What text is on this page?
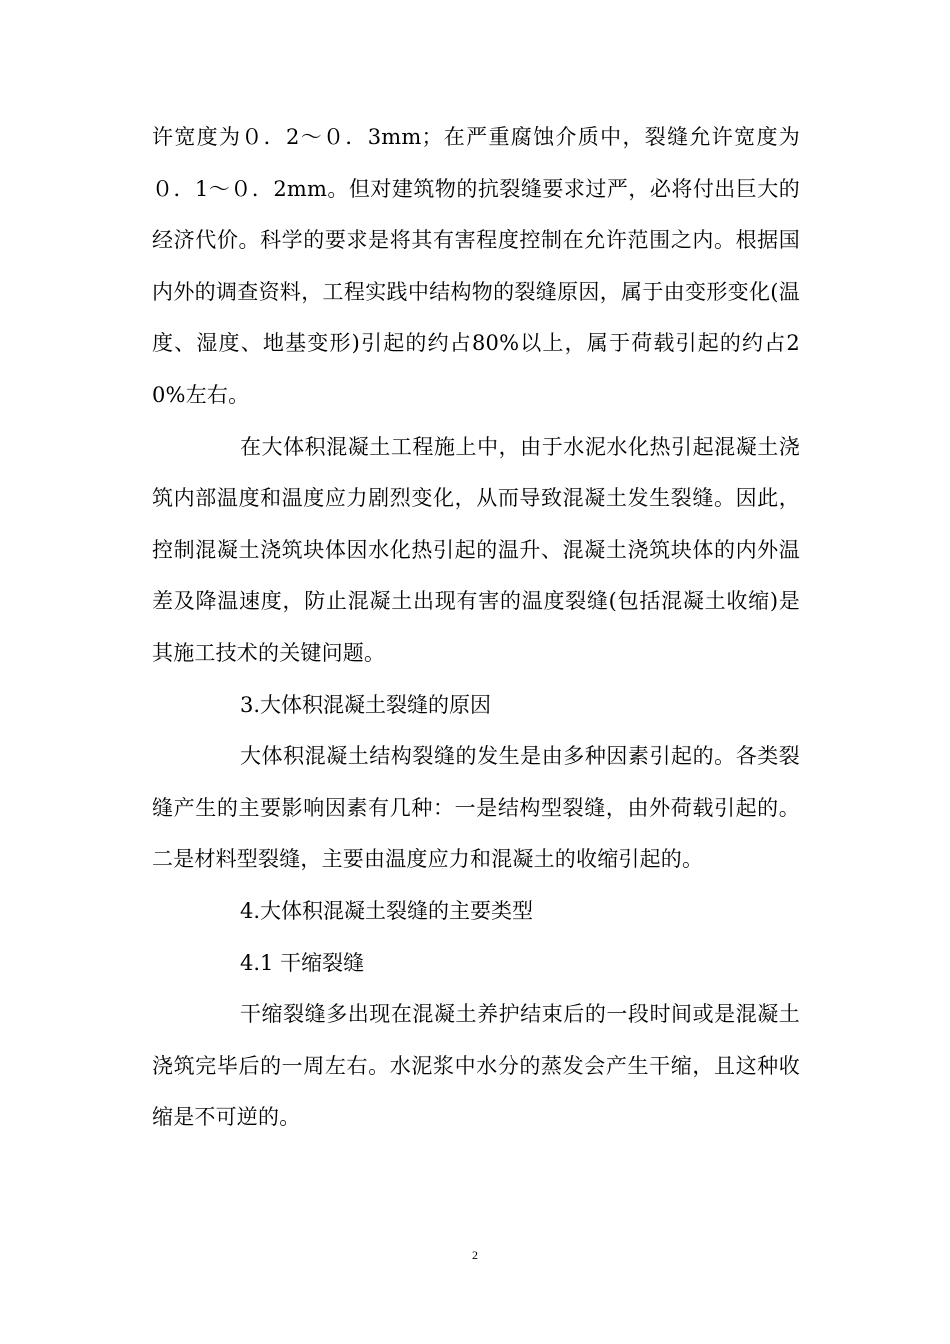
许宽度为０．2～０．3mm；在严重腐蚀介质中，裂缝允许宽度为０．1～０．2mm。但对建筑物的抗裂缝要求过严，必将付出巨大的经济代价。科学的要求是将其有害程度控制在允许范围之内。根据国内外的调查资料，工程实践中结构物的裂缝原因，属于由变形变化(温度、湿度、地基变形)引起的约占80%以上，属于荷载引起的约占20%左右。

在大体积混凝土工程施上中，由于水泥水化热引起混凝土浇筑内部温度和温度应力剧烈变化，从而导致混凝土发生裂缝。因此，控制混凝土浇筑块体因水化热引起的温升、混凝土浇筑块体的内外温差及降温速度，防止混凝土出现有害的温度裂缝(包括混凝土收缩)是其施工技术的关键问题。

3.大体积混凝土裂缝的原因

大体积混凝土结构裂缝的发生是由多种因素引起的。各类裂缝产生的主要影响因素有几种：一是结构型裂缝，由外荷载引起的。二是材料型裂缝，主要由温度应力和混凝土的收缩引起的。

4.大体积混凝土裂缝的主要类型

4.1 干缩裂缝

干缩裂缝多出现在混凝土养护结束后的一段时间或是混凝土浇筑完毕后的一周左右。水泥浆中水分的蒸发会产生干缩，且这种收缩是不可逆的。

2
